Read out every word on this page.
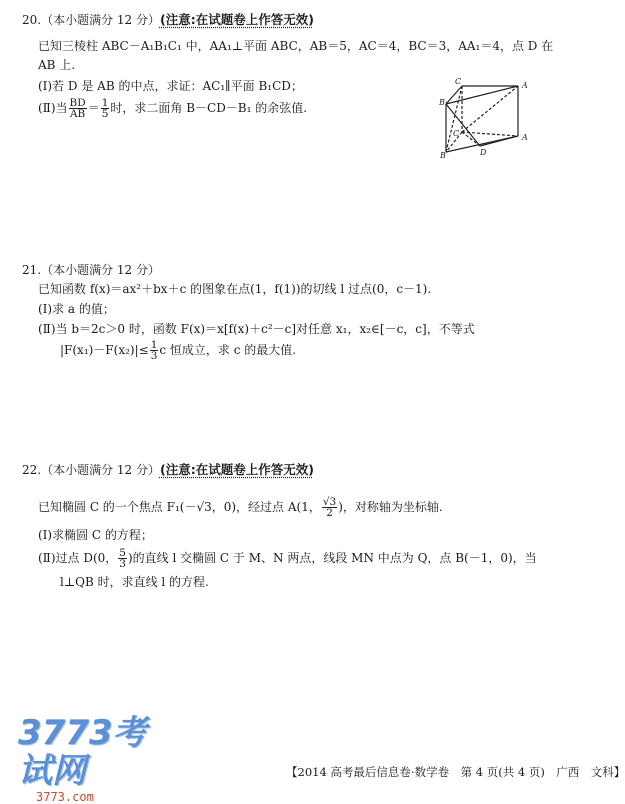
20.（本小题满分 12 分）(注意:在试题卷上作答无效)
已知三棱柱 ABC－A₁B₁C₁ 中，AA₁⊥平面 ABC，AB＝5，AC＝4，BC＝3，AA₁＝4，点 D 在
AB 上.
(Ⅰ)若 D 是 AB 的中点，求证：AC₁∥平面 B₁CD；
(Ⅱ)当 $\frac{BD}{AB} = \frac{1}{5}$ 时，求二面角 B－CD－B₁ 的余弦值.
C	A
B₁
C	A
B	D
21.（本小题满分 12 分）
已知函数 f(x)＝ax²＋bx＋c 的图象在点(1，f(1))的切线 l 过点(0，c－1).
(Ⅰ)求 a 的值；
(Ⅱ)当 b＝2c＞0 时，函数 F(x)＝x[f(x)＋c²－c]对任意 x₁，x₂∈[－c，c]，不等式
$|F(x_1)-F(x_2)|\le \frac{1}{3}$ c 恒成立，求 c 的最大值.
22.（本小题满分 12 分）(注意:在试题卷上作答无效)
已知椭圆 C 的一个焦点 F₁(－√3，0)，经过点 A(1， $\frac{√3}{2}$ )，对称轴为坐标轴.
(Ⅰ)求椭圆 C 的方程；
(Ⅱ)过点 D(0， $\frac{5}{3}$ )的直线 l 交椭圆 C 于 M、N 两点，线段 MN 中点为 Q，点 B(－1，0)，当
l⊥QB 时，求直线 l 的方程.
3773考试网
3773.com
【2014 高考最后信息卷·数学卷　第 4 页(共 4 页)　广西　文科】
